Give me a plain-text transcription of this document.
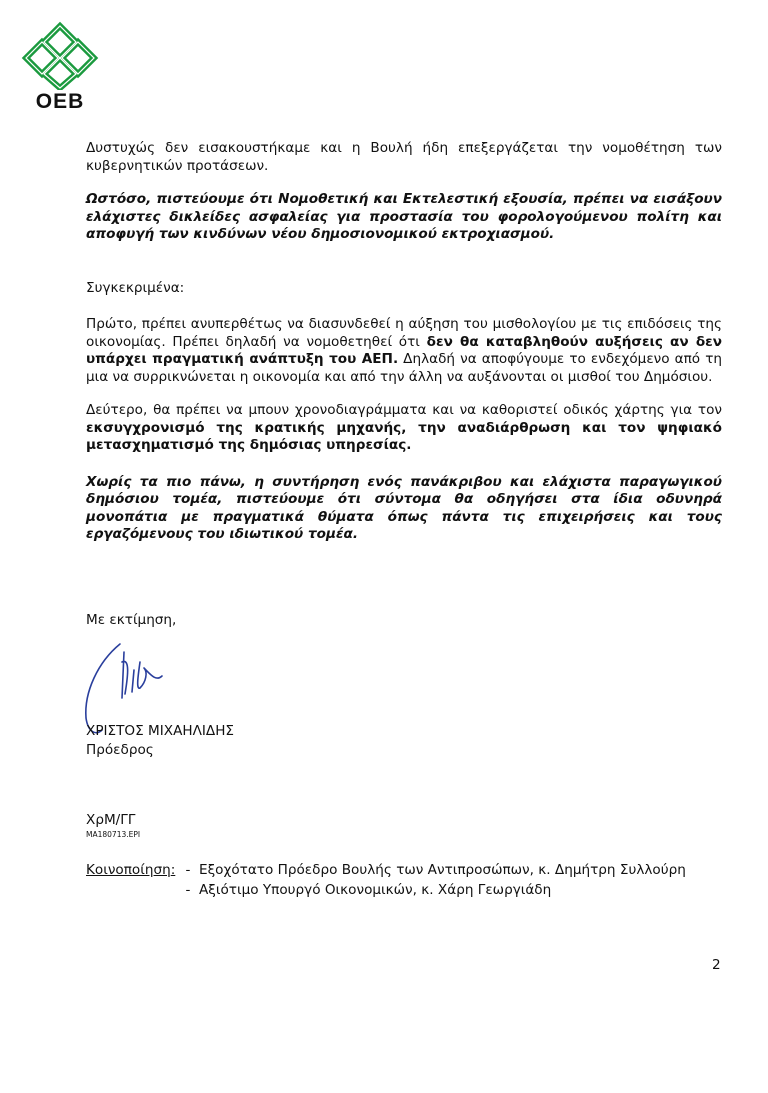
OEB

Δυστυχώς δεν εισακουστήκαμε και η Βουλή ήδη επεξεργάζεται την νομοθέτηση των κυβερνητικών προτάσεων.

Ωστόσο, πιστεύουμε ότι Νομοθετική και Εκτελεστική εξουσία, πρέπει να εισάξουν ελάχιστες δικλείδες ασφαλείας για προστασία του φορολογούμενου πολίτη και αποφυγή των κινδύνων νέου δημοσιονομικού εκτροχιασμού.

Συγκεκριμένα:

Πρώτο, πρέπει ανυπερθέτως να διασυνδεθεί η αύξηση του μισθολογίου με τις επιδόσεις της οικονομίας. Πρέπει δηλαδή να νομοθετηθεί ότι δεν θα καταβληθούν αυξήσεις αν δεν υπάρχει πραγματική ανάπτυξη του ΑΕΠ. Δηλαδή να αποφύγουμε το ενδεχόμενο από τη μια να συρρικνώνεται η οικονομία και από την άλλη να αυξάνονται οι μισθοί του Δημόσιου.

Δεύτερο, θα πρέπει να μπουν χρονοδιαγράμματα και να καθοριστεί οδικός χάρτης για τον εκσυγχρονισμό της κρατικής μηχανής, την αναδιάρθρωση και τον ψηφιακό μετασχηματισμό της δημόσιας υπηρεσίας.

Χωρίς τα πιο πάνω, η συντήρηση ενός πανάκριβου και ελάχιστα παραγωγικού δημόσιου τομέα, πιστεύουμε ότι σύντομα θα οδηγήσει στα ίδια οδυνηρά μονοπάτια με πραγματικά θύματα όπως πάντα τις επιχειρήσεις και τους εργαζόμενους του ιδιωτικού τομέα.

Με εκτίμηση,
ΧΡΙΣΤΟΣ ΜΙΧΑΗΛΙΔΗΣ
Πρόεδρος
ΧρΜ/ΓΓ
MA180713.EPI
Κοινοποίηση: - Εξοχότατο Πρόεδρο Βουλής των Αντιπροσώπων, κ. Δημήτρη Συλλούρη
- Αξιότιμο Υπουργό Οικονομικών, κ. Χάρη Γεωργιάδη
2
